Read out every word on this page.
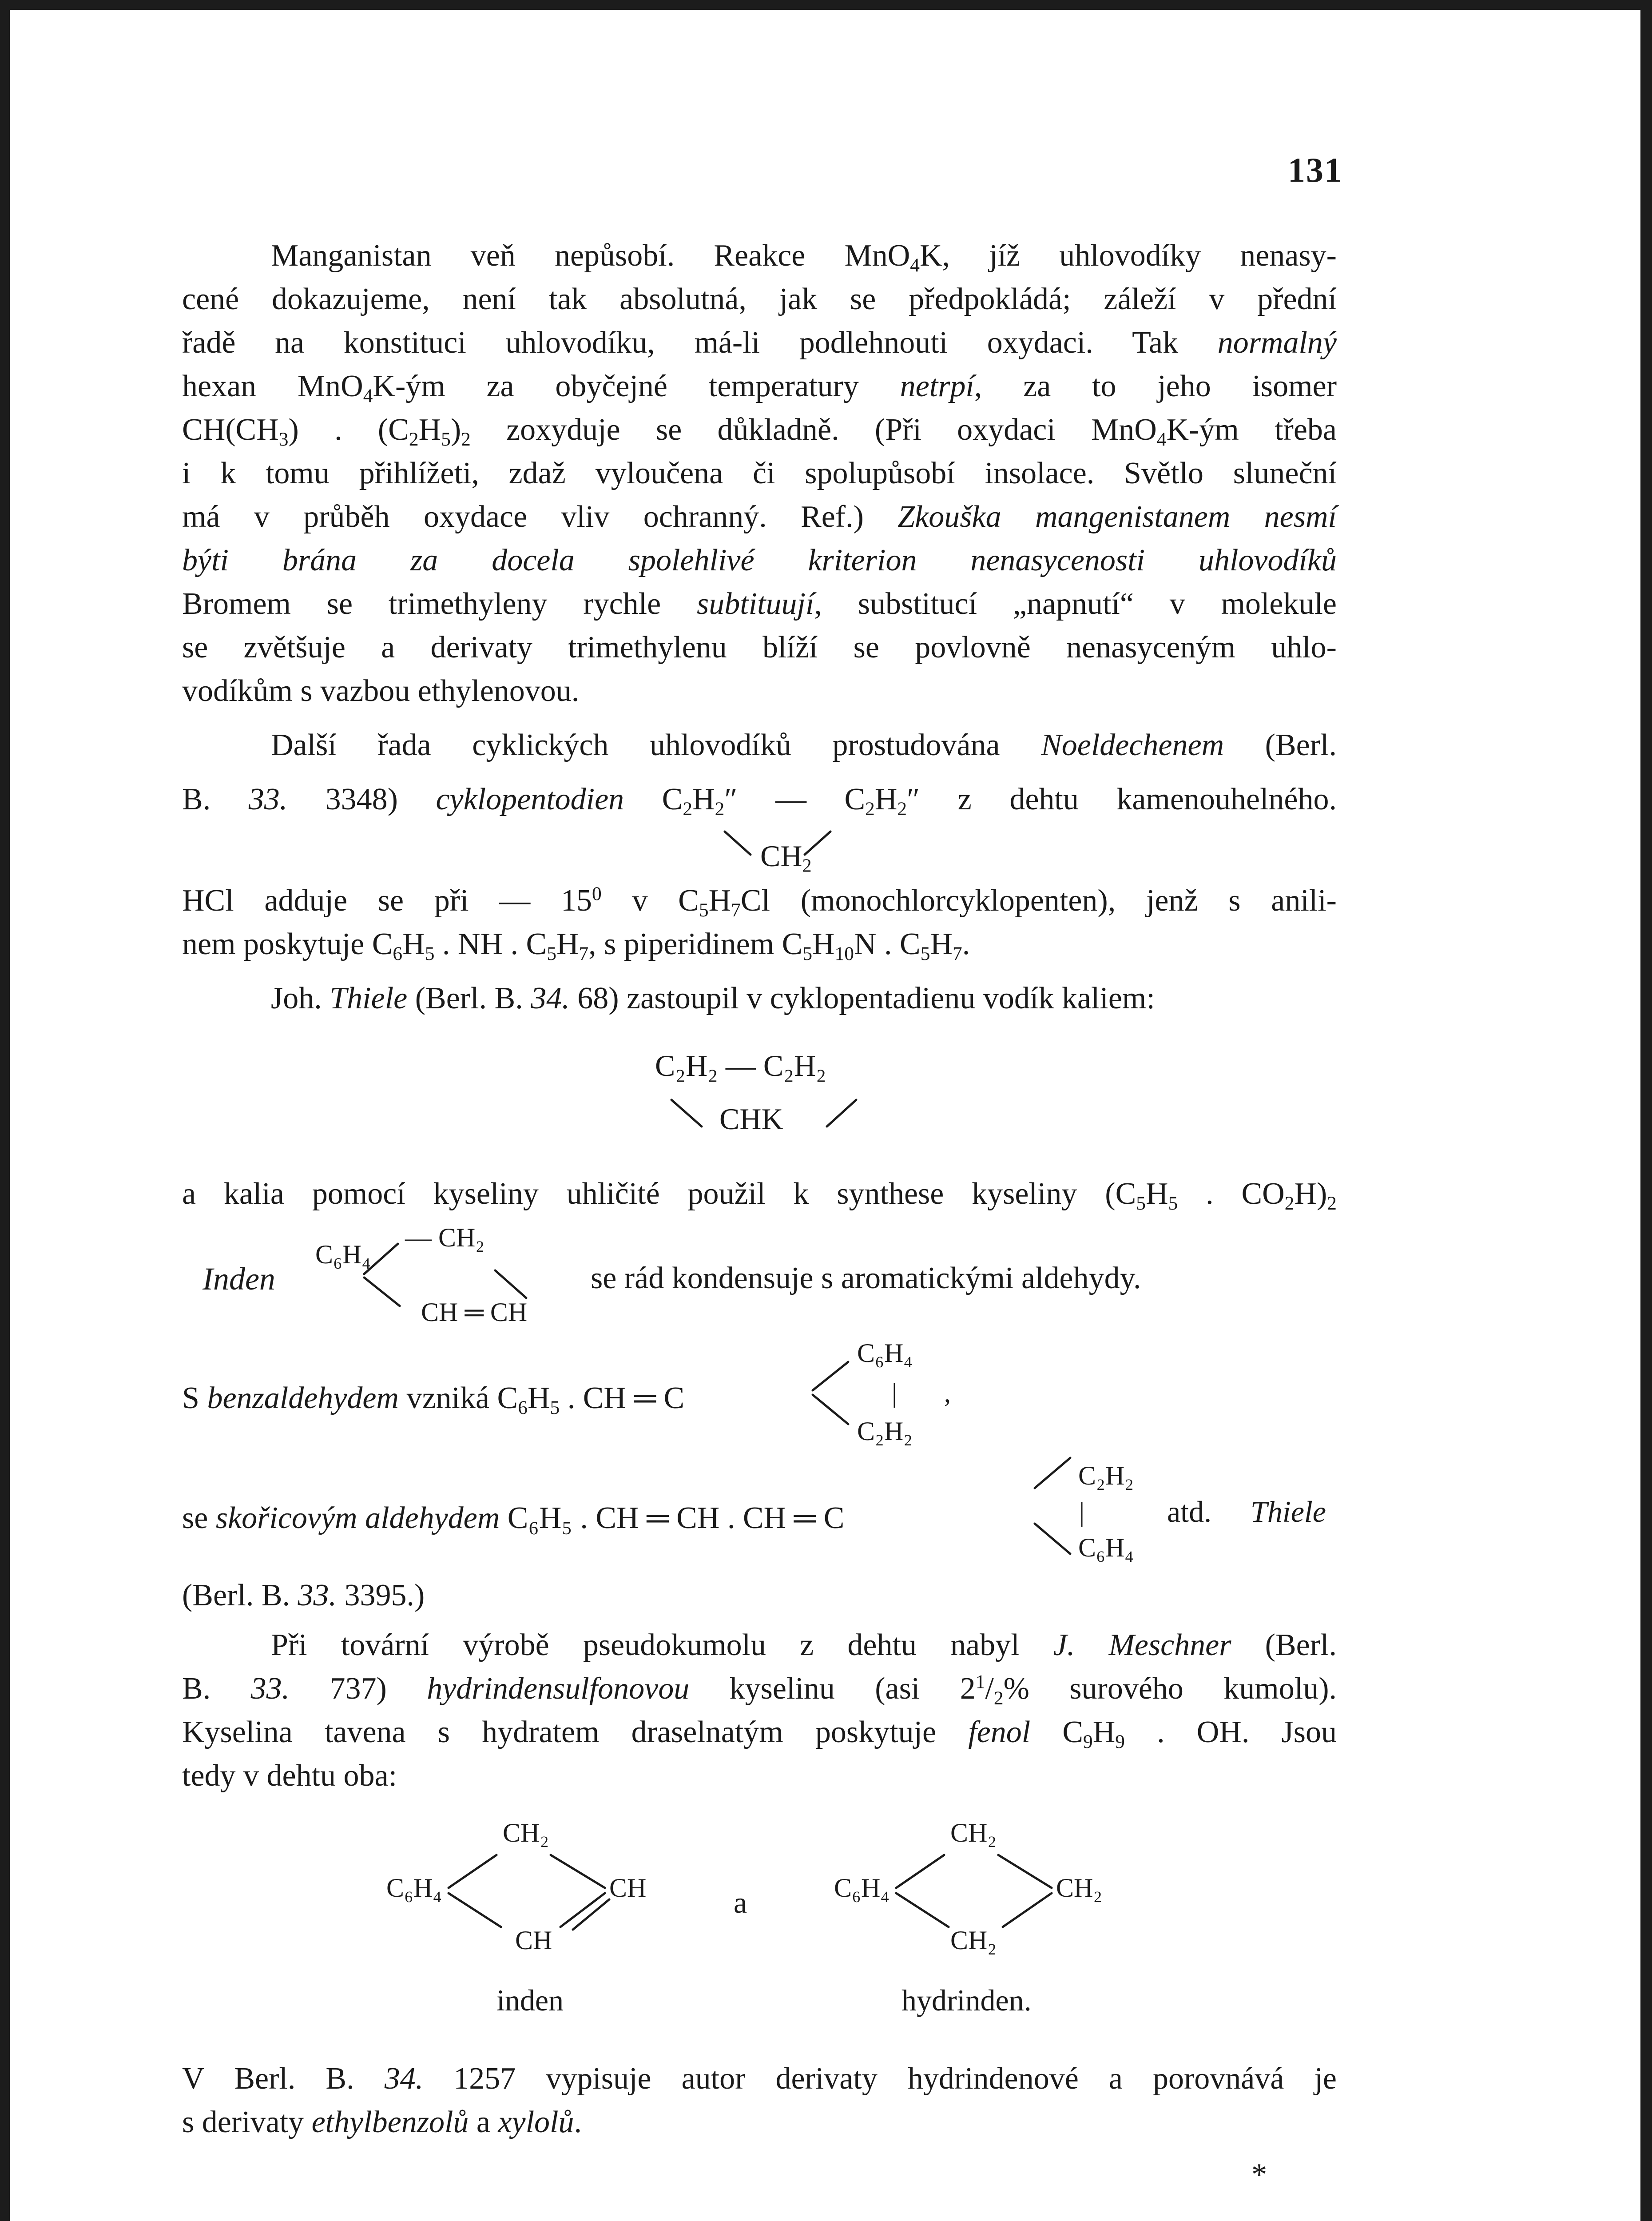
131
Manganistan veň nepůsobí. Reakce MnO$_4$K, jíž uhlovodíky nenasy-
cené dokazujeme, není tak absolutná, jak se předpokládá; záleží v přední
řadě na konstituci uhlovodíku, má-li podlehnouti oxydaci. Tak normalný
hexan MnO$_4$K-ým za obyčejné temperatury netrpí, za to jeho isomer
$CH(CH_3)$ . $(C_2H_5)_2$ zoxyduje se důkladně. (Při oxydaci MnO$_4$K-ým třeba
i k tomu přihlížeti, zdaž vyloučena či spolupůsobí insolace. Světlo sluneční
má v průběh oxydace vliv ochranný. Ref.) Zkouška mangenistanem nesmí
býti brána za docela spolehlivé kriterion nenasycenosti uhlovodíků
Bromem se trimethyleny rychle subtituují, substitucí „napnutí“ v molekule
se zvětšuje a derivaty trimethylenu blíží se povlovně nenasyceným uhlo-
vodíkům s vazbou ethylenovou.
Další řada cyklických uhlovodíků prostudována Noeldechenem (Berl.
B. 33. 3348) cyklopentodien $C_2H_2''$ — $C_2H_2''$ z dehtu kamenouhelného.
$CH_2$
HCl adduje se při — $15^0$ v $C_5H_7Cl$ (monochlorcyklopenten), jenž s anili-
nem poskytuje $C_6H_5$ . NH . $C_5H_7$, s piperidinem $C_5H_{10}N$ . $C_5H_7$.
Joh. Thiele (Berl. B. 34. 68) zastoupil v cyklopentadienu vodík kaliem:
C₂H₂ — C₂H₂
CHK
a kalia pomocí kyseliny uhličité použil k synthese kyseliny ($C_5H_5$ . $CO_2H)_2$
Inden
C₆H₄
— CH₂
CH ═ CH
se rád kondensuje s aromatickými aldehydy.
S benzaldehydem vzniká $C_6H_5$ . CH ═ C
C₆H₄
| ,
C₂H₂
se skořicovým aldehydem C₆H₅ . CH ═ CH . CH ═ C
C₂H₂
|	atd. Thiele
C₆H₄
(Berl. B. 33. 3395.)
Při tovární výrobě pseudokumolu z dehtu nabyl J. Meschner (Berl.
B. 33. 737) hydrindensulfonovou kyselinu (asi $2^1/_2\%$ surového kumolu).
Kyselina tavena s hydratem draselnatým poskytuje fenol $C_9H_9$ . OH. Jsou
tedy v dehtu oba:
CH₂
C₆H₄	CH
CH
inden
a
CH₂
C₆H₄	CH₂
CH₂
hydrinden.
V Berl. B. 34. 1257 vypisuje autor derivaty hydrindenové a porovnává je
s derivaty ethylbenzolů a xylolů.
*
